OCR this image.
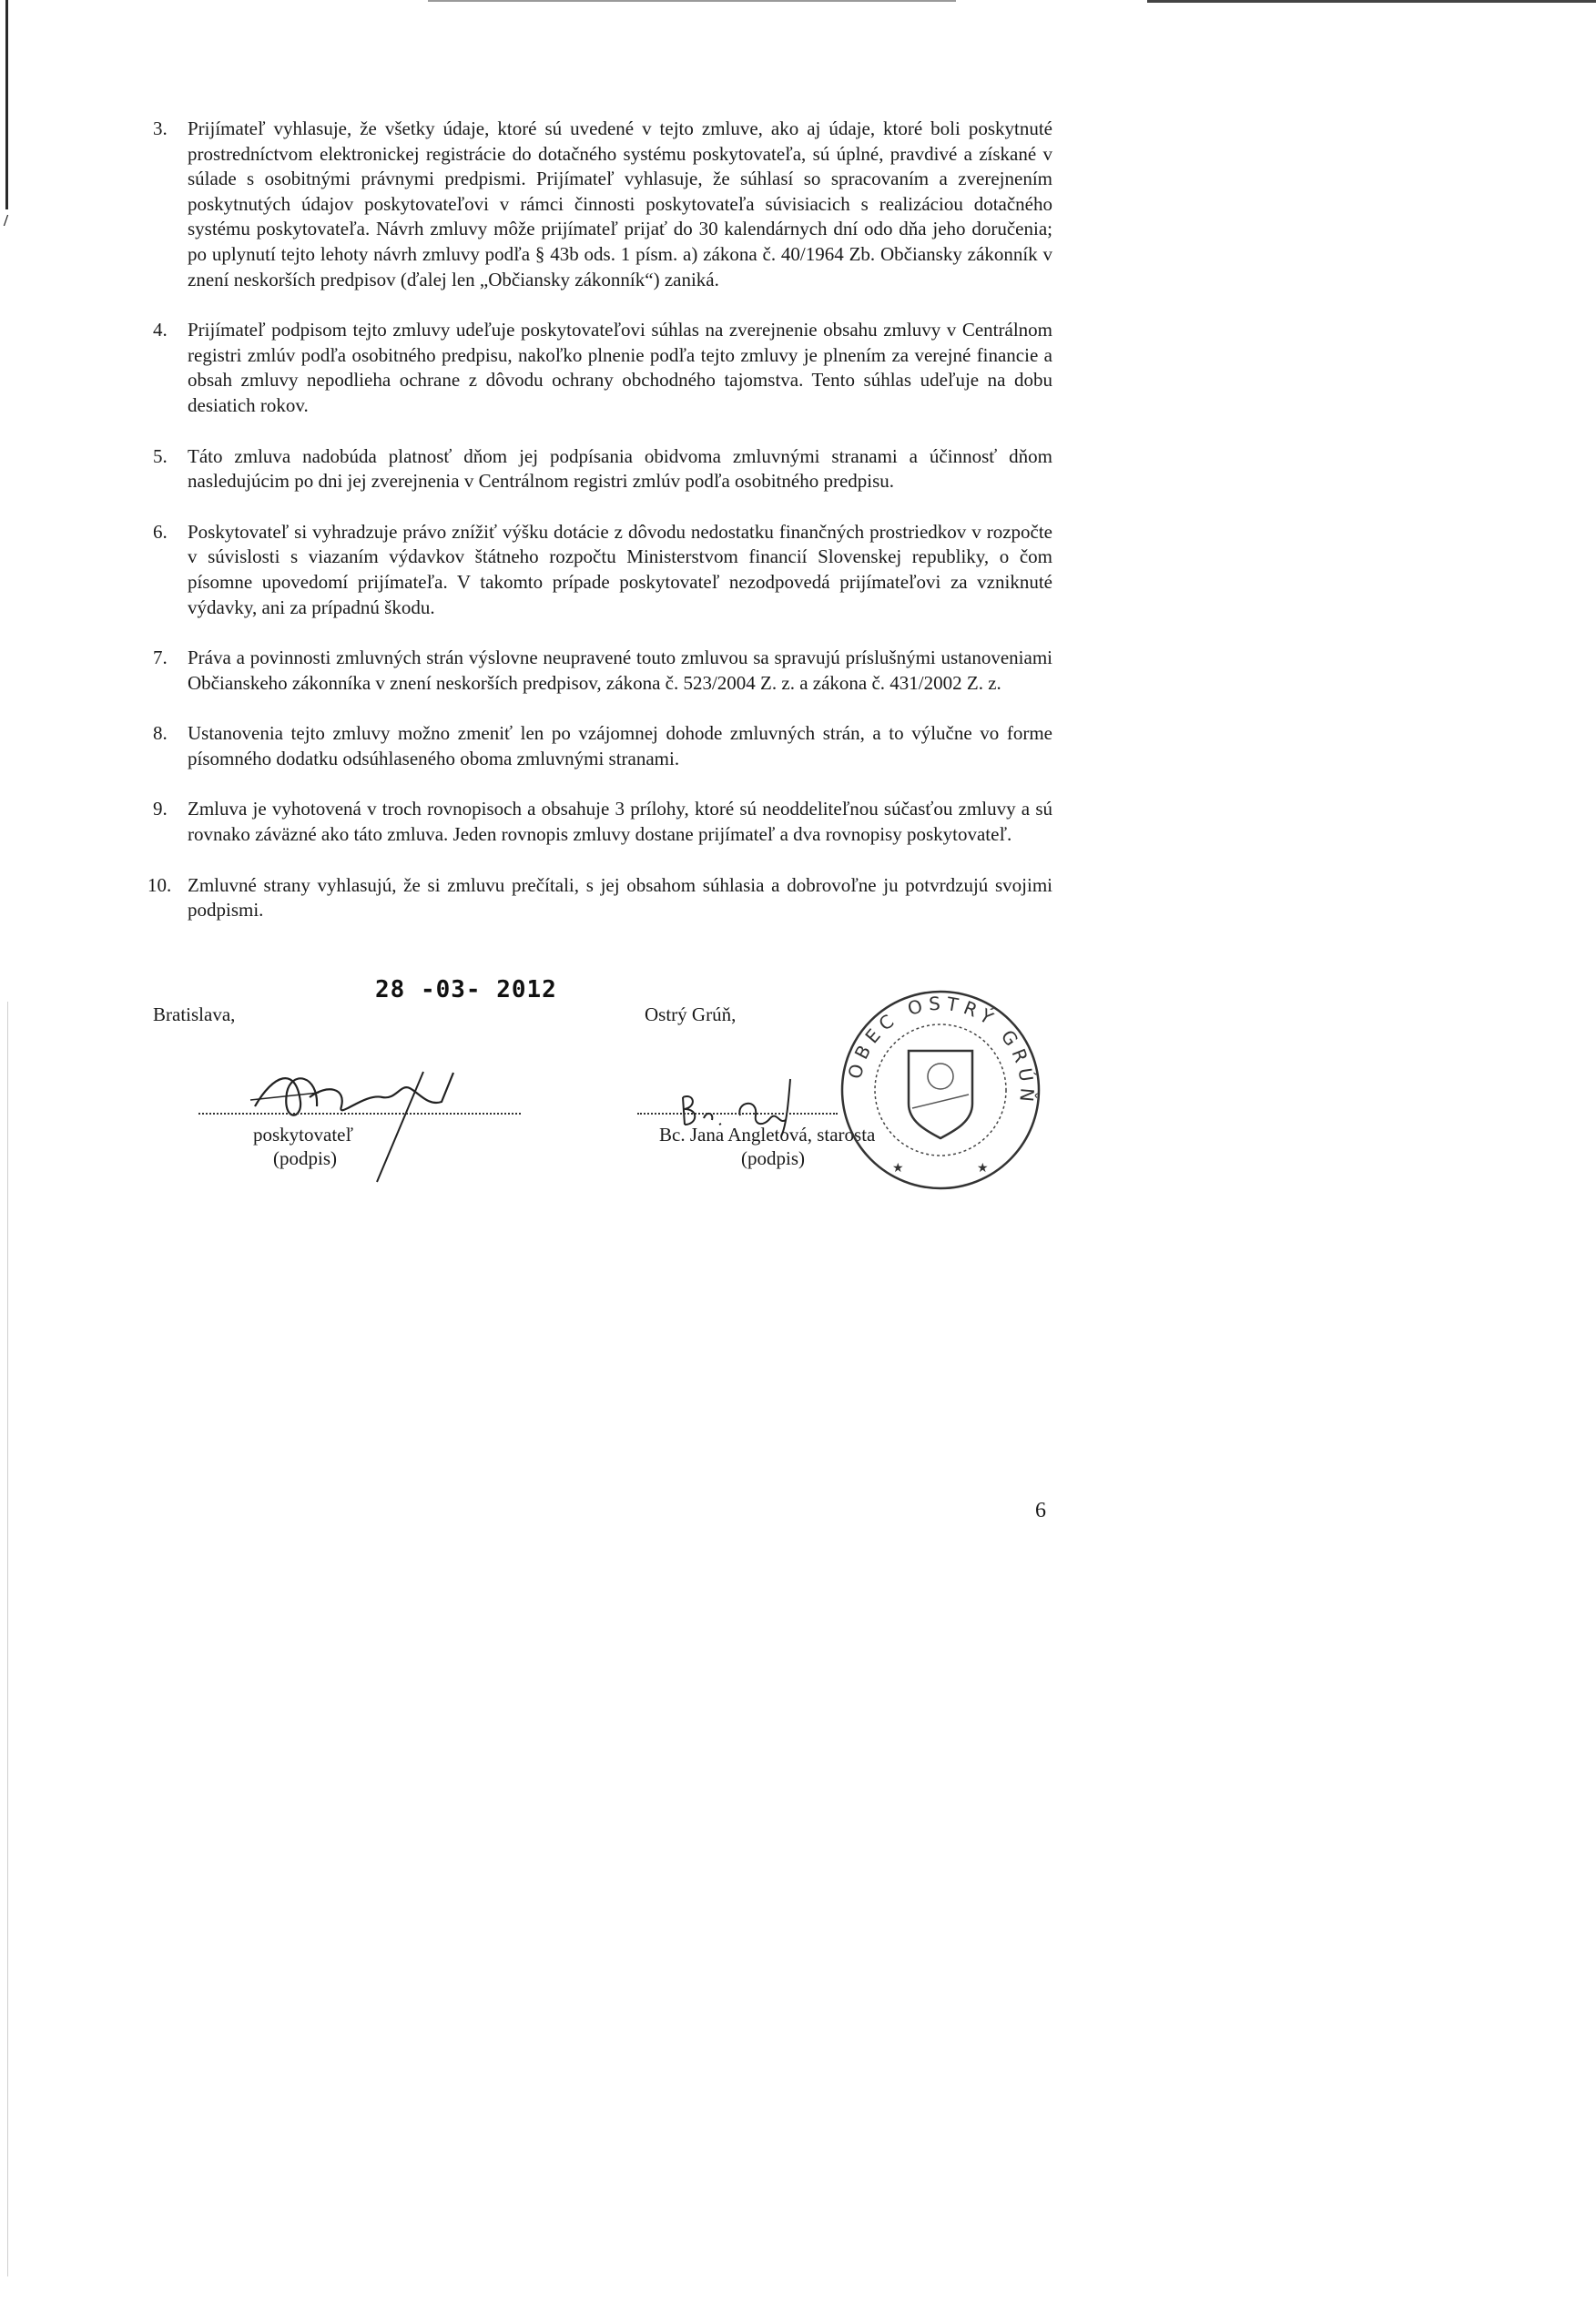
/
3.	Prijímateľ vyhlasuje, že všetky údaje, ktoré sú uvedené v tejto zmluve, ako aj údaje, ktoré boli poskytnuté prostredníctvom elektronickej registrácie do dotačného systému poskytovateľa, sú úplné, pravdivé a získané v súlade s osobitnými právnymi predpismi. Prijímateľ vyhlasuje, že súhlasí so spracovaním a zverejnením poskytnutých údajov poskytovateľovi v rámci činnosti poskytovateľa súvisiacich s realizáciou dotačného systému poskytovateľa. Návrh zmluvy môže prijímateľ prijať do 30 kalendárnych dní odo dňa jeho doručenia; po uplynutí tejto lehoty návrh zmluvy podľa § 43b ods. 1 písm. a) zákona č. 40/1964 Zb. Občiansky zákonník v znení neskorších predpisov (ďalej len „Občiansky zákonník“) zaniká.
4.	Prijímateľ podpisom tejto zmluvy udeľuje poskytovateľovi súhlas na zverejnenie obsahu zmluvy v Centrálnom registri zmlúv podľa osobitného predpisu, nakoľko plnenie podľa tejto zmluvy je plnením za verejné financie a obsah zmluvy nepodlieha ochrane z dôvodu ochrany obchodného tajomstva. Tento súhlas udeľuje na dobu desiatich rokov.
5.	Táto zmluva nadobúda platnosť dňom jej podpísania obidvoma zmluvnými stranami a účinnosť dňom nasledujúcim po dni jej zverejnenia v Centrálnom registri zmlúv podľa osobitného predpisu.
6.	Poskytovateľ si vyhradzuje právo znížiť výšku dotácie z dôvodu nedostatku finančných prostriedkov v rozpočte v súvislosti s viazaním výdavkov štátneho rozpočtu Ministerstvom financií Slovenskej republiky, o čom písomne upovedomí prijímateľa. V takomto prípade poskytovateľ nezodpovedá prijímateľovi za vzniknuté výdavky, ani za prípadnú škodu.
7.	Práva a povinnosti zmluvných strán výslovne neupravené touto zmluvou sa spravujú príslušnými ustanoveniami Občianskeho zákonníka v znení neskorších predpisov, zákona č. 523/2004 Z. z. a zákona č. 431/2002 Z. z.
8.	Ustanovenia tejto zmluvy možno zmeniť len po vzájomnej dohode zmluvných strán, a to výlučne vo forme písomného dodatku odsúhlaseného oboma zmluvnými stranami.
9.	Zmluva je vyhotovená v troch rovnopisoch a obsahuje 3 prílohy, ktoré sú neoddeliteľnou súčasťou zmluvy a sú rovnako záväzné ako táto zmluva. Jeden rovnopis zmluvy dostane prijímateľ a dva rovnopisy poskytovateľ.
10. Zmluvné strany vyhlasujú, že si zmluvu prečítali, s jej obsahom súhlasia a dobrovoľne ju potvrdzujú svojimi podpismi.
Bratislava,
28 -03- 2012
Ostrý Grúň,
poskytovateľ
(podpis)
Bc. Jana Angletová, starosta
(podpis)
OBEC OSTRÝ GRÚŇ
★	★
6
